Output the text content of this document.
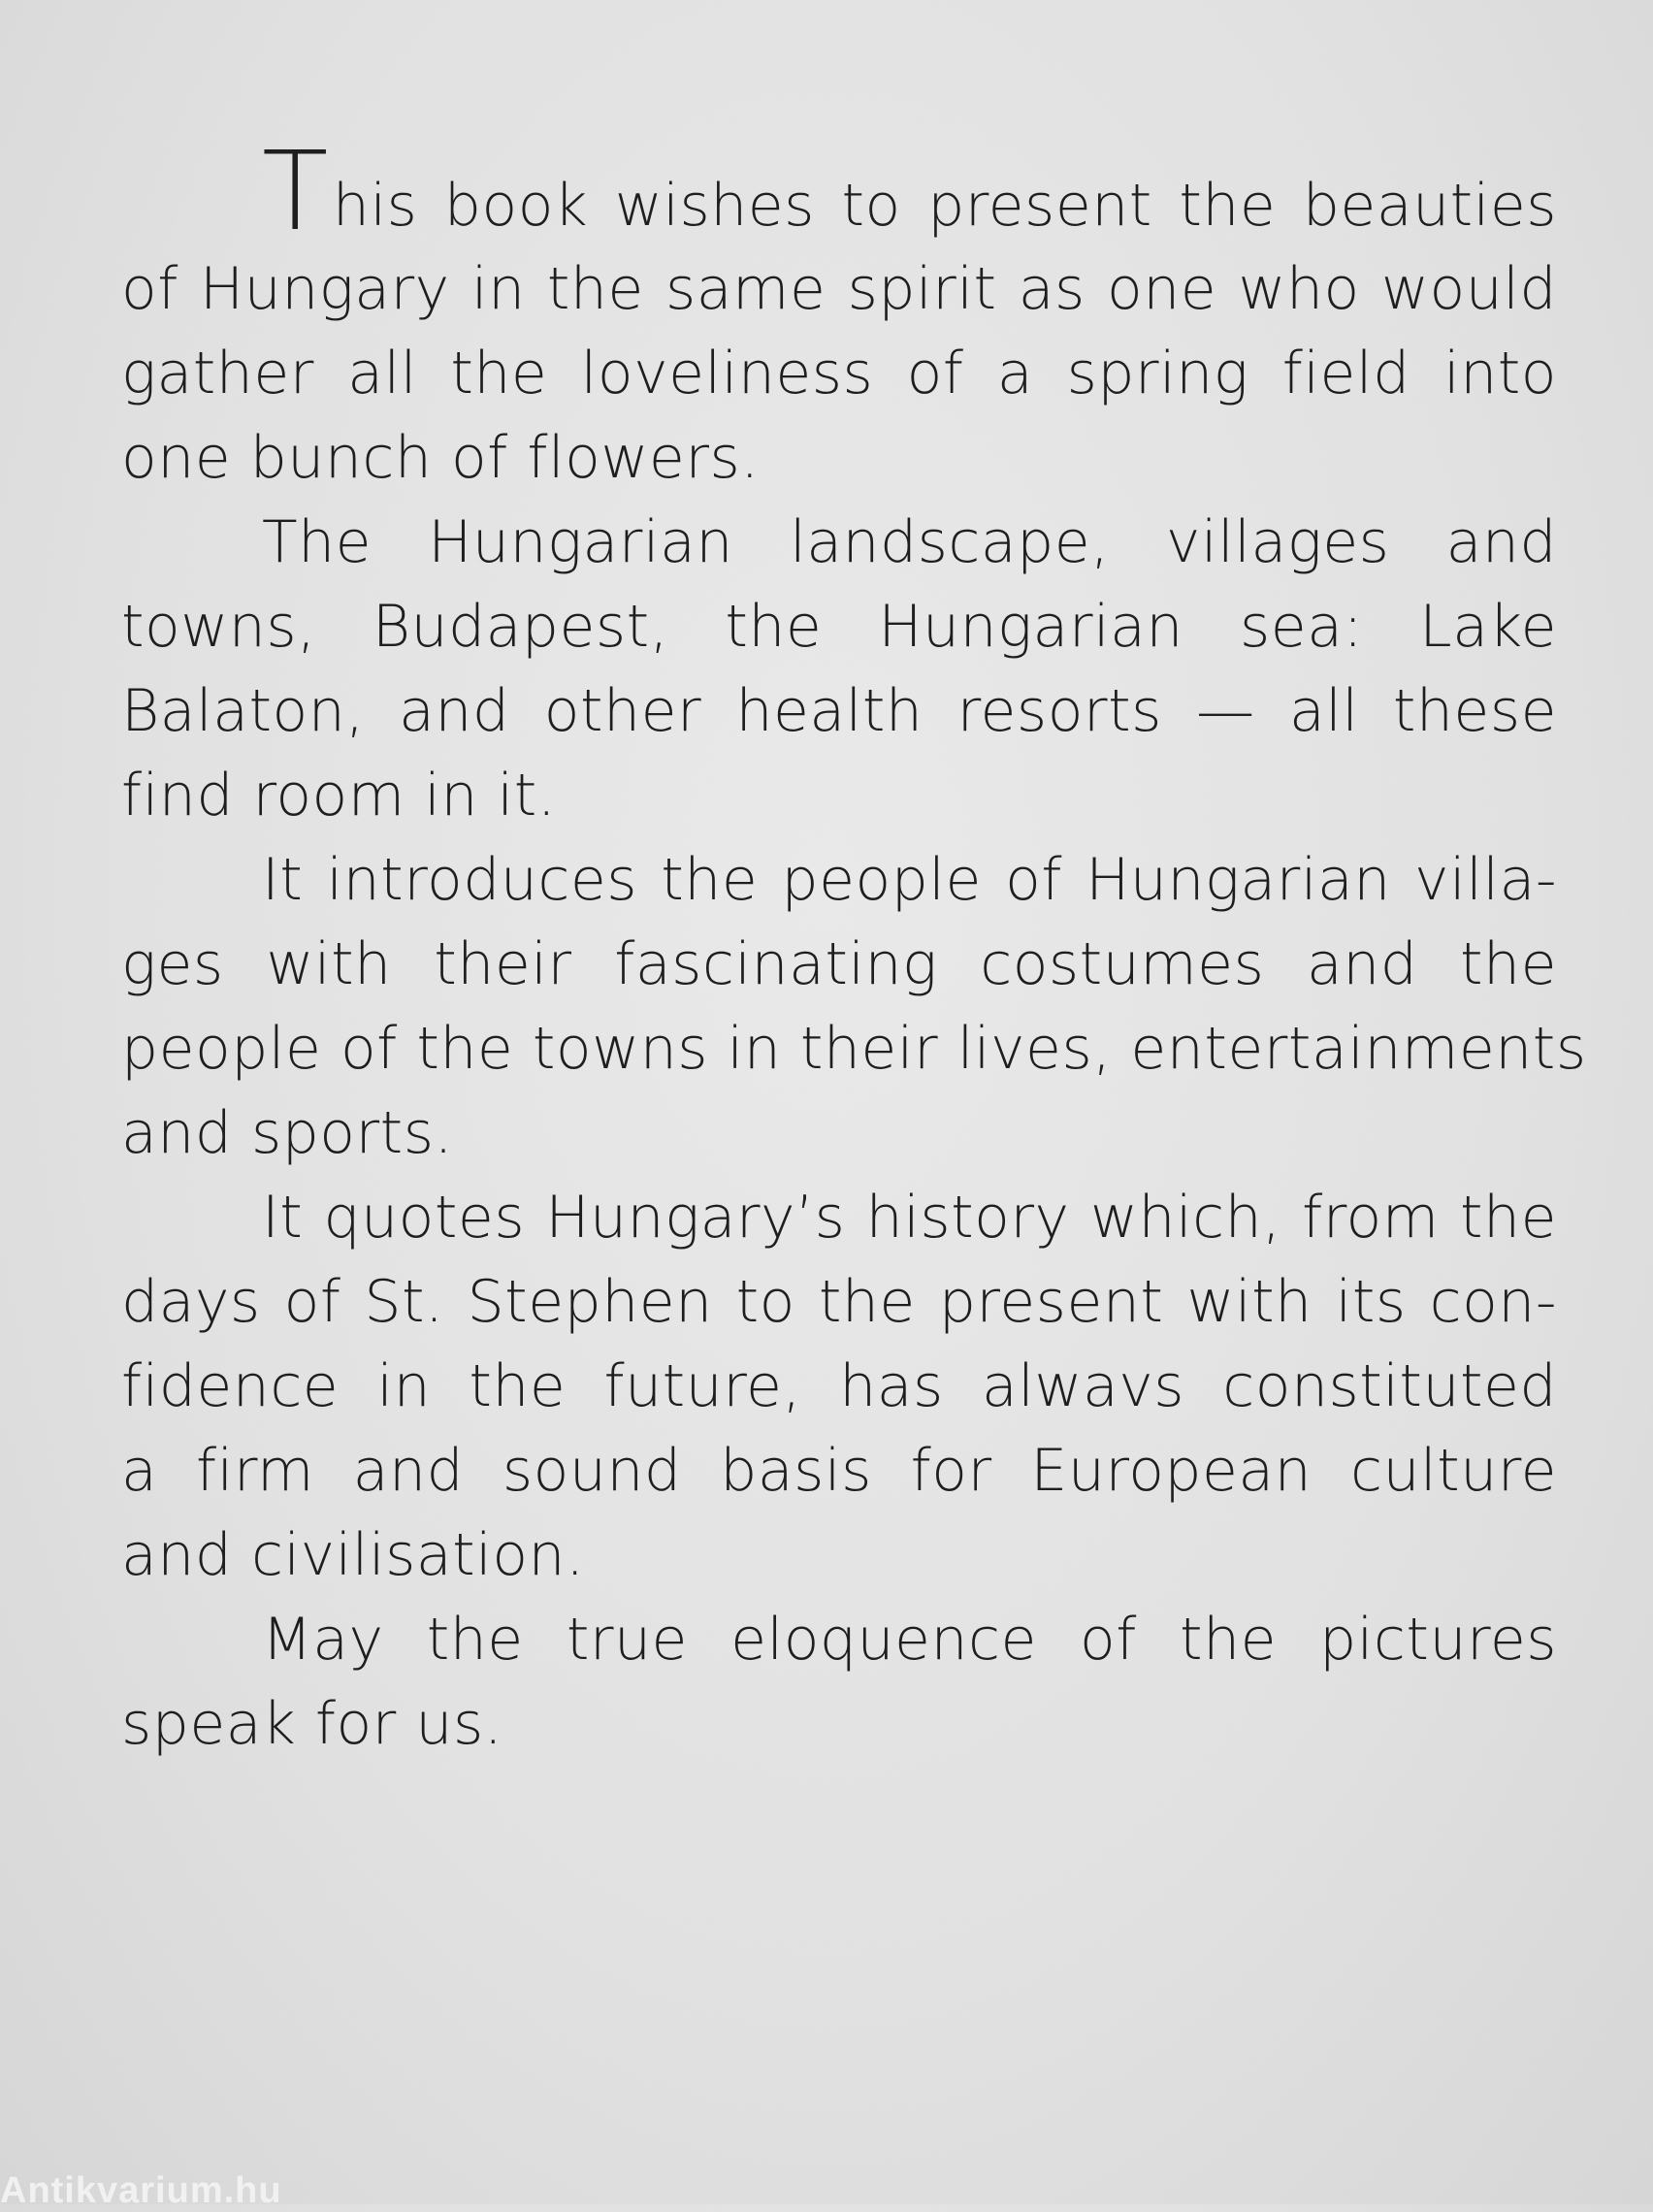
This book wishes to present the beauties
of Hungary in the same spirit as one who would
gather all the loveliness of a spring field into
one bunch of flowers.
The Hungarian landscape, villages and
towns, Budapest, the Hungarian sea: Lake
Balaton, and other health resorts — all these
find room in it.
It introduces the people of Hungarian villa-
ges with their fascinating costumes and the
people of the towns in their lives, entertainments
and sports.
It quotes Hungary’s history which, from the
days of St. Stephen to the present with its con-
fidence in the future, has alwavs constituted
a firm and sound basis for European culture
and civilisation.
May the true eloquence of the pictures
speak for us.
Antikvarium.hu
